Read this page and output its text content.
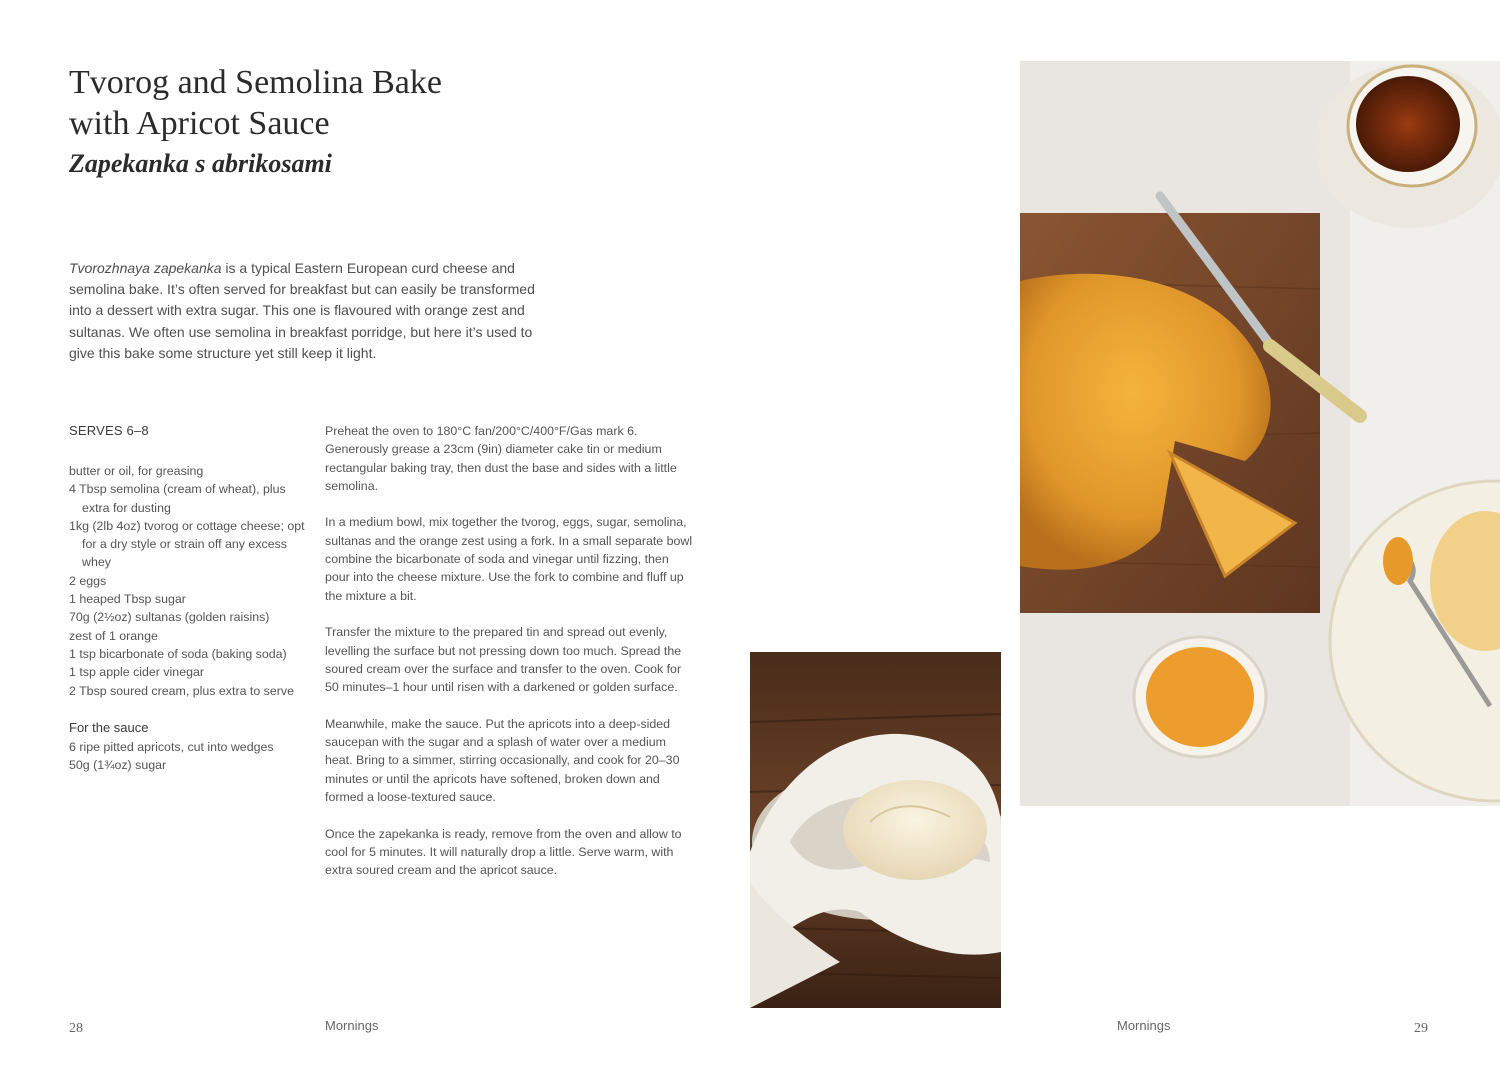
Tvorog and Semolina Bake
with Apricot Sauce
Zapekanka s abrikosami

Tvorozhnaya zapekanka is a typical Eastern European curd cheese and semolina bake. It’s often served for breakfast but can easily be transformed into a dessert with extra sugar. This one is flavoured with orange zest and sultanas. We often use semolina in breakfast porridge, but here it’s used to give this bake some structure yet still keep it light.

SERVES 6–8
butter or oil, for greasing
4 Tbsp semolina (cream of wheat), plus extra for dusting
1kg (2lb 4oz) tvorog or cottage cheese; opt for a dry style or strain off any excess whey
2 eggs
1 heaped Tbsp sugar
70g (2½oz) sultanas (golden raisins)
zest of 1 orange
1 tsp bicarbonate of soda (baking soda)
1 tsp apple cider vinegar
2 Tbsp soured cream, plus extra to serve
For the sauce
6 ripe pitted apricots, cut into wedges
50g (1¾oz) sugar

Preheat the oven to 180°C fan/200°C/400°F/Gas mark 6. Generously grease a 23cm (9in) diameter cake tin or medium rectangular baking tray, then dust the base and sides with a little semolina.

In a medium bowl, mix together the tvorog, eggs, sugar, semolina, sultanas and the orange zest using a fork. In a small separate bowl combine the bicarbonate of soda and vinegar until fizzing, then pour into the cheese mixture. Use the fork to combine and fluff up the mixture a bit.

Transfer the mixture to the prepared tin and spread out evenly, levelling the surface but not pressing down too much. Spread the soured cream over the surface and transfer to the oven. Cook for 50 minutes–1 hour until risen with a darkened or golden surface.

Meanwhile, make the sauce. Put the apricots into a deep-sided saucepan with the sugar and a splash of water over a medium heat. Bring to a simmer, stirring occasionally, and cook for 20–30 minutes or until the apricots have softened, broken down and formed a loose-textured sauce.

Once the zapekanka is ready, remove from the oven and allow to cool for 5 minutes. It will naturally drop a little. Serve warm, with extra soured cream and the apricot sauce.

28	Mornings	Mornings	29
